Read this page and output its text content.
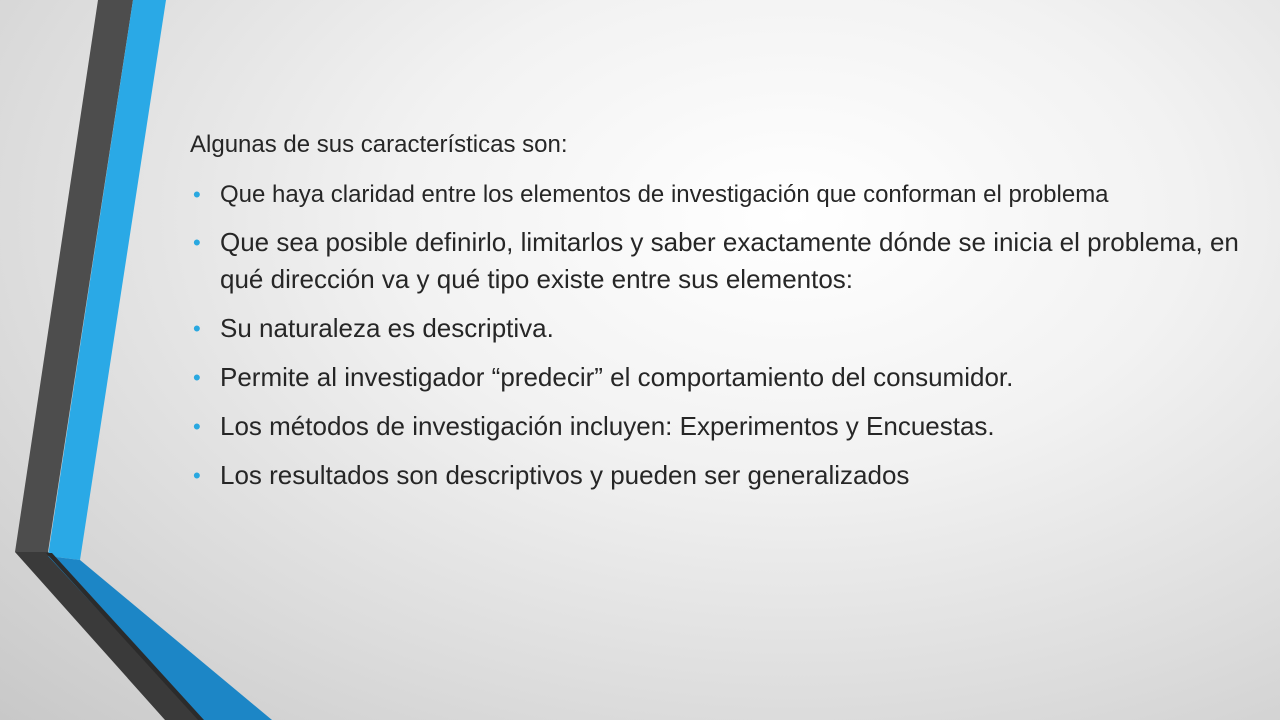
Algunas de sus características son:

• Que haya claridad entre los elementos de investigación que conforman el problema
• Que sea posible definirlo, limitarlos y saber exactamente dónde se inicia el problema, en qué dirección va y qué tipo existe entre sus elementos:
• Su naturaleza es descriptiva.
• Permite al investigador “predecir” el comportamiento del consumidor.
• Los métodos de investigación incluyen: Experimentos y Encuestas.
• Los resultados son descriptivos y pueden ser generalizados
